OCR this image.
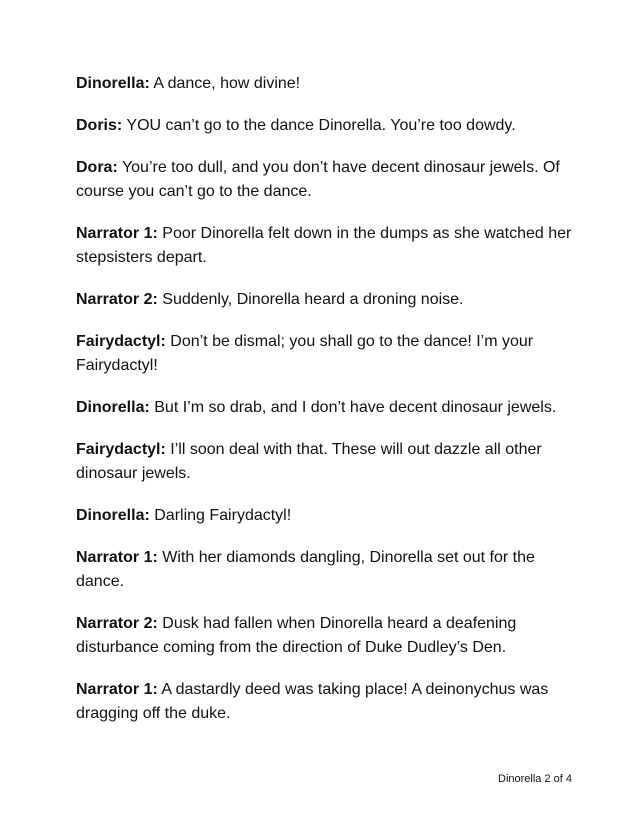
Dinorella: A dance, how divine!

Doris: YOU can’t go to the dance Dinorella. You’re too dowdy.

Dora: You’re too dull, and you don’t have decent dinosaur jewels. Of course you can’t go to the dance.

Narrator 1: Poor Dinorella felt down in the dumps as she watched her stepsisters depart.

Narrator 2: Suddenly, Dinorella heard a droning noise.

Fairydactyl: Don’t be dismal; you shall go to the dance! I’m your Fairydactyl!

Dinorella: But I’m so drab, and I don’t have decent dinosaur jewels.

Fairydactyl: I’ll soon deal with that. These will out dazzle all other dinosaur jewels.

Dinorella: Darling Fairydactyl!

Narrator 1: With her diamonds dangling, Dinorella set out for the dance.

Narrator 2: Dusk had fallen when Dinorella heard a deafening disturbance coming from the direction of Duke Dudley’s Den.

Narrator 1: A dastardly deed was taking place! A deinonychus was dragging off the duke.

Dinorella 2 of 4
